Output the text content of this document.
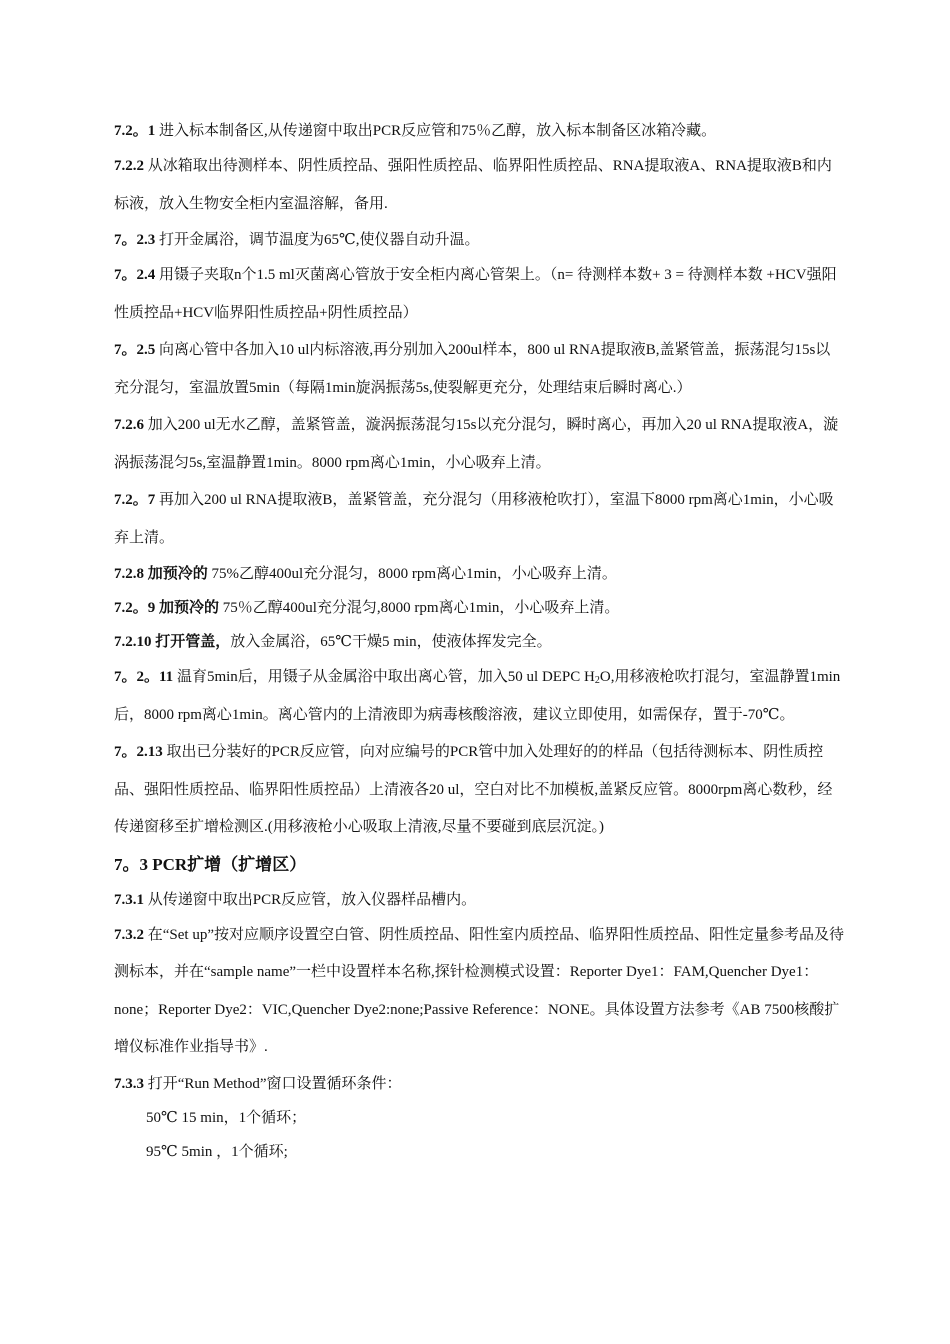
7.2。1 进入标本制备区,从传递窗中取出PCR反应管和75％乙醇，放入标本制备区冰箱冷藏。

7.2.2 从冰箱取出待测样本、阴性质控品、强阳性质控品、临界阳性质控品、RNA提取液A、RNA提取液B和内标液，放入生物安全柜内室温溶解，备用.

7。2.3 打开金属浴，调节温度为65℃,使仪器自动升温。

7。2.4 用镊子夹取n个1.5 ml灭菌离心管放于安全柜内离心管架上。（n= 待测样本数+ 3 = 待测样本数 +HCV强阳性质控品+HCV临界阳性质控品+阴性质控品）

7。2.5 向离心管中各加入10 ul内标溶液,再分别加入200ul样本，800 ul RNA提取液B,盖紧管盖，振荡混匀15s以充分混匀，室温放置5min（每隔1min旋涡振荡5s,使裂解更充分，处理结束后瞬时离心.）

7.2.6 加入200 ul无水乙醇，盖紧管盖，漩涡振荡混匀15s以充分混匀，瞬时离心，再加入20 ul RNA提取液A，漩涡振荡混匀5s,室温静置1min。8000 rpm离心1min，小心吸弃上清。

7.2。7 再加入200 ul RNA提取液B，盖紧管盖，充分混匀（用移液枪吹打），室温下8000 rpm离心1min，小心吸弃上清。

7.2.8 加预冷的 75%乙醇400ul充分混匀，8000 rpm离心1min，小心吸弃上清。

7.2。9 加预冷的 75％乙醇400ul充分混匀,8000 rpm离心1min，小心吸弃上清。

7.2.10 打开管盖，放入金属浴，65℃干燥5 min，使液体挥发完全。

7。2。11 温育5min后，用镊子从金属浴中取出离心管，加入50 ul DEPC $H_2O$,用移液枪吹打混匀，室温静置1min后，8000 rpm离心1min。离心管内的上清液即为病毒核酸溶液，建议立即使用，如需保存，置于-70℃。

7。2.13 取出已分装好的PCR反应管，向对应编号的PCR管中加入处理好的的样品（包括待测标本、阴性质控品、强阳性质控品、临界阳性质控品）上清液各20 ul，空白对比不加模板,盖紧反应管。8000rpm离心数秒，经传递窗移至扩增检测区.(用移液枪小心吸取上清液,尽量不要碰到底层沉淀。)

7。3 PCR扩增（扩增区）

7.3.1 从传递窗中取出PCR反应管，放入仪器样品槽内。

7.3.2 在“Set up”按对应顺序设置空白管、阴性质控品、阳性室内质控品、临界阳性质控品、阳性定量参考品及待测标本，并在“sample name”一栏中设置样本名称,探针检测模式设置：Reporter Dye1：FAM,Quencher Dye1：none；Reporter Dye2：VIC,Quencher Dye2:none;Passive Reference：NONE。具体设置方法参考《AB 7500核酸扩增仪标准作业指导书》.

7.3.3 打开“Run Method”窗口设置循环条件：

50℃ 15 min，1个循环；

95℃ 5min ，1个循环;
